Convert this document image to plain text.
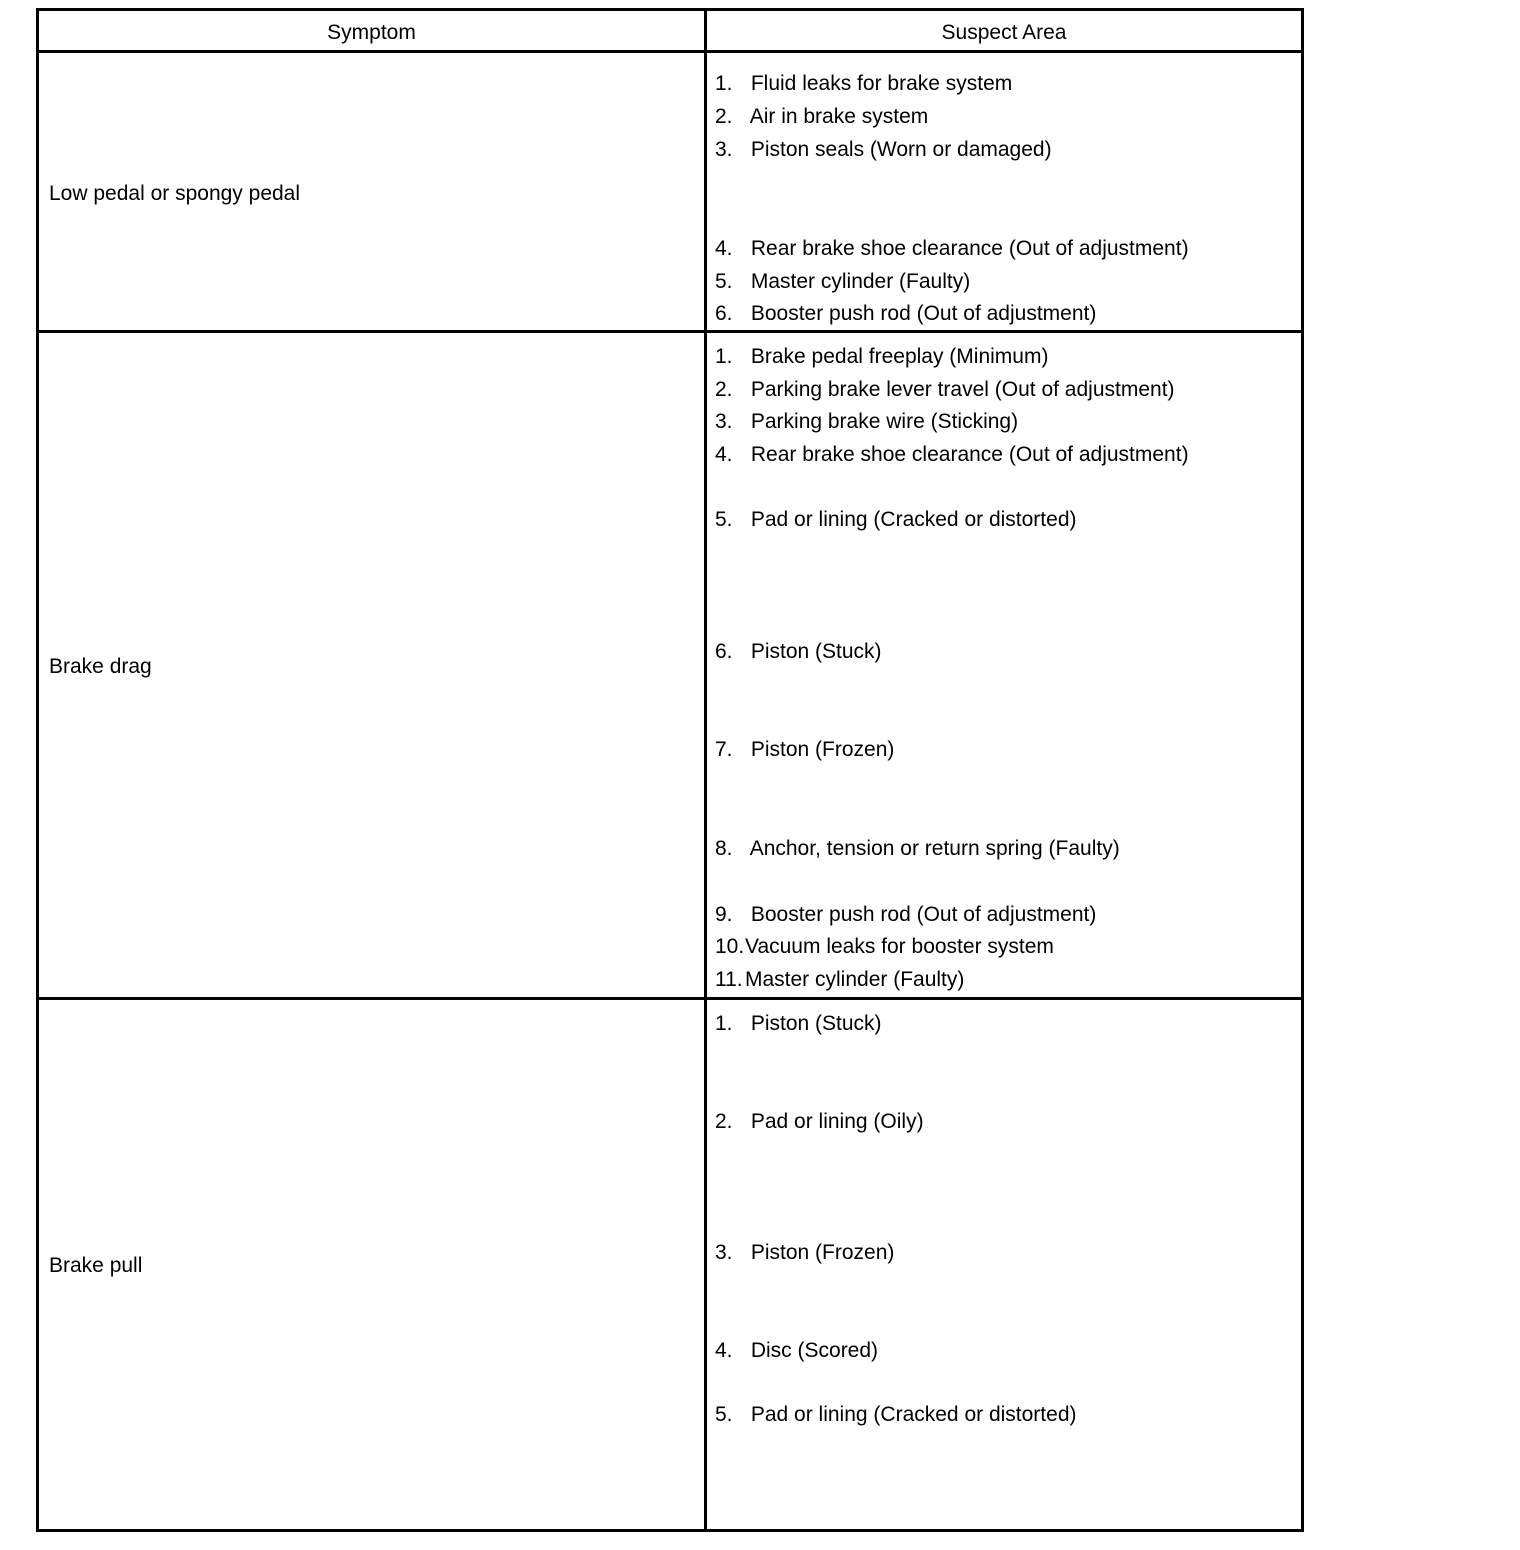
Symptom	Suspect Area
Low pedal or spongy pedal
1. Fluid leaks for brake system
2. Air in brake system
3. Piston seals (Worn or damaged)
4. Rear brake shoe clearance (Out of adjustment)
5. Master cylinder (Faulty)
6. Booster push rod (Out of adjustment)
Brake drag
1. Brake pedal freeplay (Minimum)
2. Parking brake lever travel (Out of adjustment)
3. Parking brake wire (Sticking)
4. Rear brake shoe clearance (Out of adjustment)
5. Pad or lining (Cracked or distorted)
6. Piston (Stuck)
7. Piston (Frozen)
8. Anchor, tension or return spring (Faulty)
9. Booster push rod (Out of adjustment)
10.Vacuum leaks for booster system
11. Master cylinder (Faulty)
Brake pull
1. Piston (Stuck)
2. Pad or lining (Oily)
3. Piston (Frozen)
4. Disc (Scored)
5. Pad or lining (Cracked or distorted)
